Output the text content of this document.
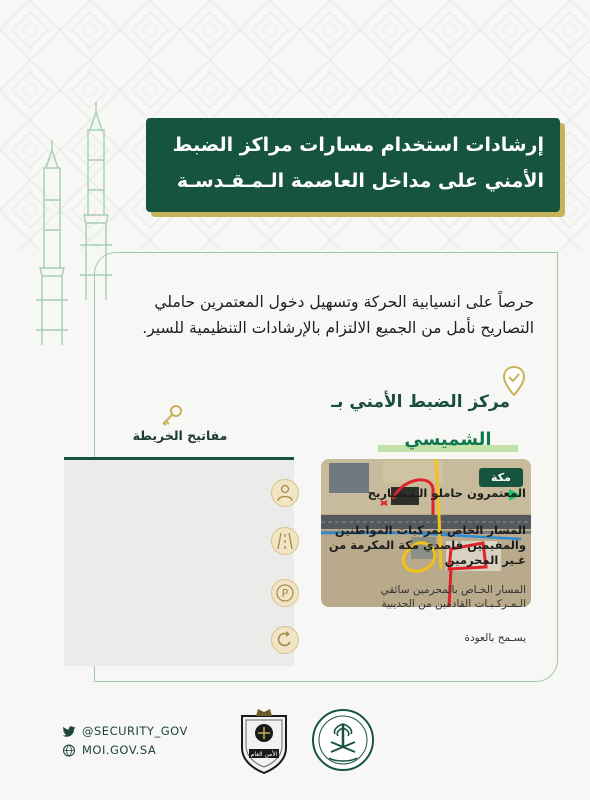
إرشادات استخدام مسارات مراكز الضبط
الأمني على مداخل العاصمة الـمـقـدسـة
حرصاً على انسيابية الحركة وتسهيل دخول المعتمرين حاملي
التصاريح نأمل من الجميع الالتزام بالإرشادات التنظيمية للسير.
مركز الضبط الأمني بـ
الشميسي
مكة
مفاتيح الخريطة
P
المعتمرون حاملو الـتـصـاريح
المسار الخاص بمركبات المواطنين
والمقيمين قاصدي مكة المكرمة من
غـير المحرمين
المسار الخـاص بالمحرمين سائقي
الـمـركـبـات القادمين من الحديبية
يسـمح بالعودة
@SECURITY_GOV
MOI.GOV.SA	الأمن العام
